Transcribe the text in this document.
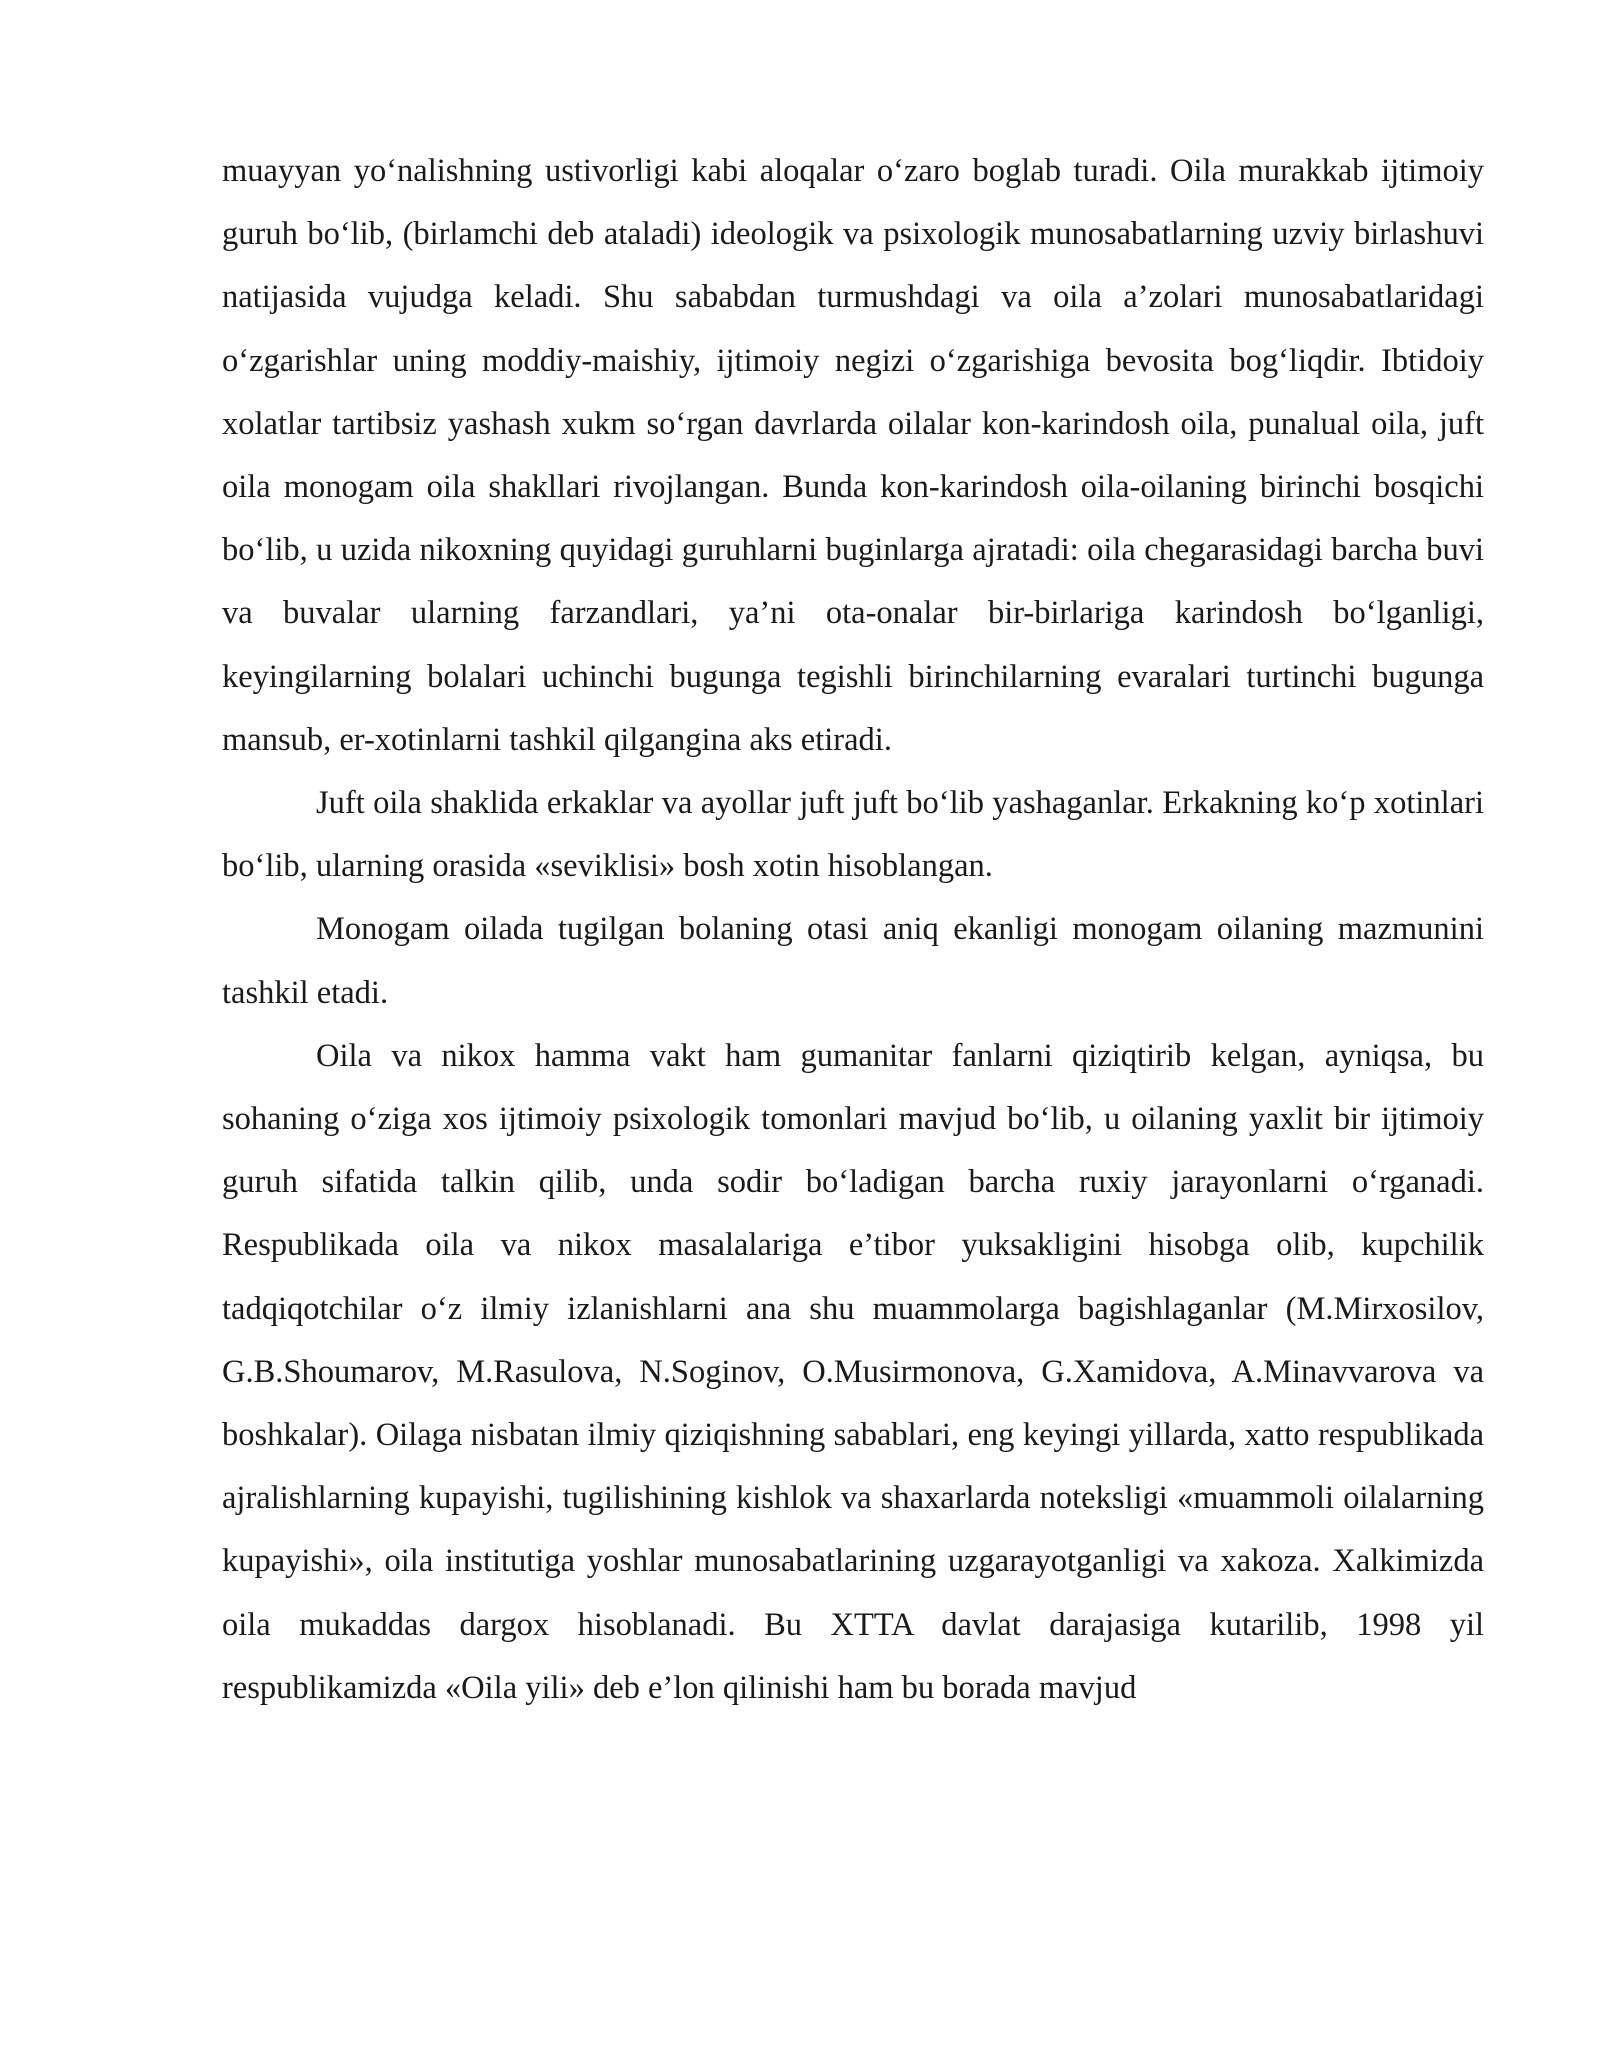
muayyan yo‘nalishning ustivorligi kabi aloqalar o‘zaro boglab turadi. Oila murakkab ijtimoiy guruh bo‘lib, (birlamchi deb ataladi) ideologik va psixologik munosabatlarning uzviy birlashuvi natijasida vujudga keladi. Shu sababdan turmushdagi va oila a’zolari munosabatlaridagi o‘zgarishlar uning moddiy-maishiy, ijtimoiy negizi o‘zgarishiga bevosita bog‘liqdir. Ibtidoiy xolatlar tartibsiz yashash xukm so‘rgan davrlarda oilalar kon-karindosh oila, punalual oila, juft oila monogam oila shakllari rivojlangan. Bunda kon-karindosh oila-oilaning birinchi bosqichi bo‘lib, u uzida nikoxning quyidagi guruhlarni buginlarga ajratadi: oila chegarasidagi barcha buvi va buvalar ularning farzandlari, ya’ni ota-onalar bir-birlariga karindosh bo‘lganligi, keyingilarning bolalari uchinchi bugunga tegishli birinchilarning evaralari turtinchi bugunga mansub, er-xotinlarni tashkil qilgangina aks etiradi.

Juft oila shaklida erkaklar va ayollar juft juft bo‘lib yashaganlar. Erkakning ko‘p xotinlari bo‘lib, ularning orasida «seviklisi» bosh xotin hisoblangan.

Monogam oilada tugilgan bolaning otasi aniq ekanligi monogam oilaning mazmunini tashkil etadi.

Oila va nikox hamma vakt ham gumanitar fanlarni qiziqtirib kelgan, ayniqsa, bu sohaning o‘ziga xos ijtimoiy psixologik tomonlari mavjud bo‘lib, u oilaning yaxlit bir ijtimoiy guruh sifatida talkin qilib, unda sodir bo‘ladigan barcha ruxiy jarayonlarni o‘rganadi. Respublikada oila va nikox masalalariga e’tibor yuksakligini hisobga olib, kupchilik tadqiqotchilar o‘z ilmiy izlanishlarni ana shu muammolarga bagishlaganlar (M.Mirxosilov, G.B.Shoumarov, M.Rasulova, N.Soginov, O.Musirmonova, G.Xamidova, A.Minavvarova va boshkalar). Oilaga nisbatan ilmiy qiziqishning sabablari, eng keyingi yillarda, xatto respublikada ajralishlarning kupayishi, tugilishining kishlok va shaxarlarda noteksligi «muammoli oilalarning kupayishi», oila institutiga yoshlar munosabatlarining uzgarayotganligi va xakoza. Xalkimizda oila mukaddas dargox hisoblanadi. Bu XTTA davlat darajasiga kutarilib, 1998 yil respublikamizda «Oila yili» deb e’lon qilinishi ham bu borada mavjud
